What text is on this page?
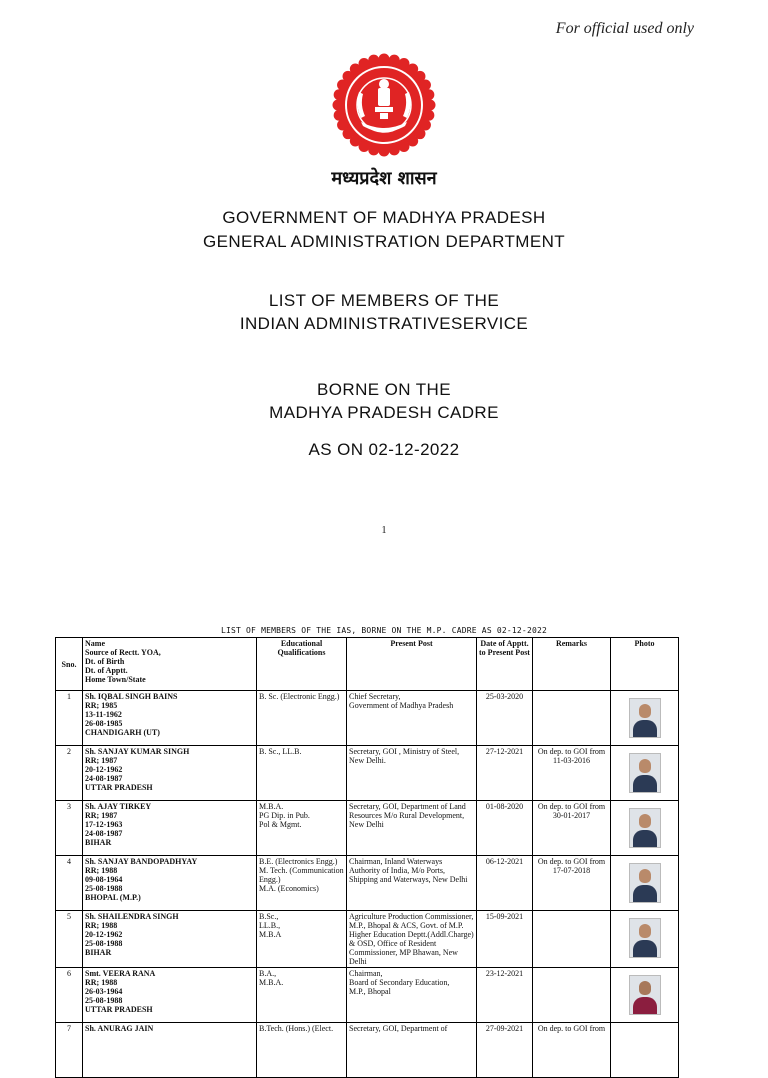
For official used only
मध्यप्रदेश शासन
GOVERNMENT OF MADHYA PRADESH
GENERAL ADMINISTRATION DEPARTMENT
LIST OF MEMBERS OF THE
INDIAN ADMINISTRATIVESERVICE
BORNE ON THE
MADHYA PRADESH CADRE
AS ON 02-12-2022
1
LIST OF MEMBERS OF THE IAS, BORNE ON THE M.P. CADRE AS 02-12-2022
Sno.	Name
Source of Rectt. YOA,
Dt. of Birth
Dt. of Apptt.
Home Town/State	Educational Qualifications	Present Post	Date of Apptt. to Present Post	Remarks	Photo
1	Sh. IQBAL SINGH BAINS
RR; 1985
13-11-1962
26-08-1985
CHANDIGARH (UT)	B. Sc. (Electronic Engg.)	Chief Secretary,
Government of Madhya Pradesh	25-03-2020		

2	Sh. SANJAY KUMAR SINGH
RR; 1987
20-12-1962
24-08-1987
UTTAR PRADESH	B. Sc., LL.B.	Secretary, GOI , Ministry of Steel, New Delhi.	27-12-2021	On dep. to GOI from 11-03-2016	

3	Sh. AJAY TIRKEY
RR; 1987
17-12-1963
24-08-1987
BIHAR	M.B.A.
PG Dip. in Pub.
Pol & Mgmt.	Secretary, GOI, Department of Land Resources M/o Rural Development, New Delhi	01-08-2020	On dep. to GOI from 30-01-2017	

4	Sh. SANJAY BANDOPADHYAY
RR; 1988
09-08-1964
25-08-1988
BHOPAL (M.P.)	B.E. (Electronics Engg.)
M. Tech. (Communication Engg.)
M.A. (Economics)	Chairman, Inland Waterways Authority of India, M/o Ports, Shipping and Waterways, New Delhi	06-12-2021	On dep. to GOI from 17-07-2018	

5	Sh. SHAILENDRA SINGH
RR; 1988
20-12-1962
25-08-1988
BIHAR	B.Sc.,
LL.B.,
M.B.A	Agriculture Production Commissioner, M.P., Bhopal & ACS, Govt. of M.P. Higher Education Deptt.(Addl.Charge) & OSD, Office of Resident Commissioner, MP Bhawan, New Delhi	15-09-2021		

6	Smt. VEERA RANA
RR; 1988
26-03-1964
25-08-1988
UTTAR PRADESH	B.A.,
M.B.A.	Chairman,
Board of Secondary Education,
M.P., Bhopal	23-12-2021		

7	Sh. ANURAG JAIN	B.Tech. (Hons.) (Elect.	Secretary, GOI, Department of	27-09-2021	On dep. to GOI from	
